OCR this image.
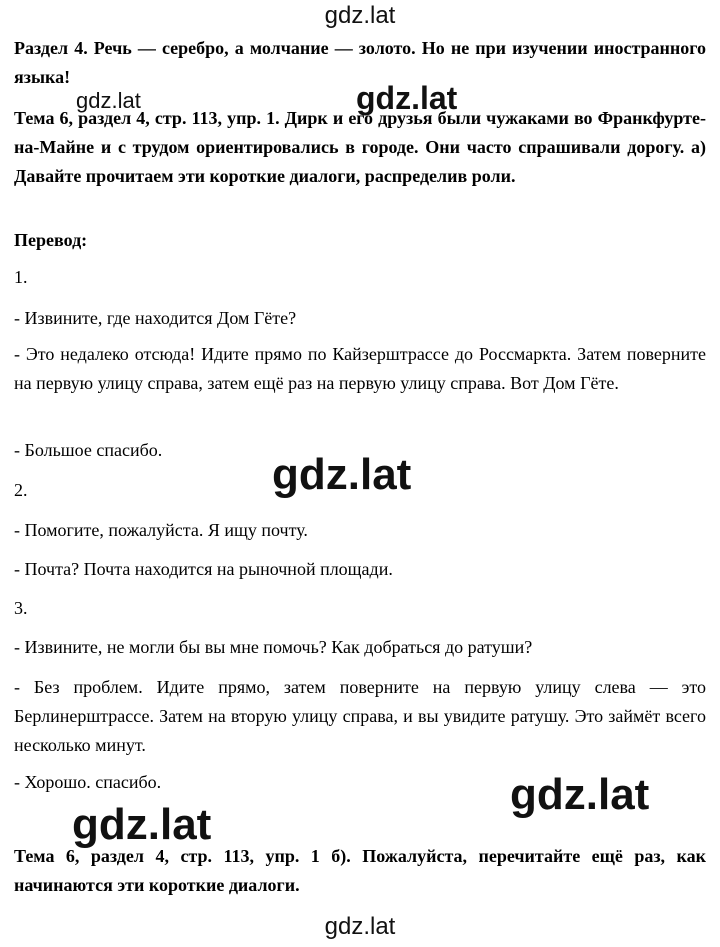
gdz.lat
gdz.lat	gdz.lat
gdz.lat
gdz.lat
gdz.lat
gdz.lat
Раздел 4. Речь — серебро, а молчание — золото. Но не при изучении иностранного языка!
Тема 6, раздел 4, стр. 113, упр. 1. Дирк и его друзья были чужаками во Франкфурте-на-Майне и с трудом ориентировались в городе. Они часто спрашивали дорогу. а) Давайте прочитаем эти короткие диалоги, распределив роли.
Перевод:
1.
- Извините, где находится Дом Гёте?
- Это недалеко отсюда! Идите прямо по Кайзерштрассе до Россмаркта. Затем поверните на первую улицу справа, затем ещё раз на первую улицу справа. Вот Дом Гёте.
- Большое спасибо.
2.
- Помогите, пожалуйста. Я ищу почту.
- Почта? Почта находится на рыночной площади.
3.
- Извините, не могли бы вы мне помочь? Как добраться до ратуши?
- Без проблем. Идите прямо, затем поверните на первую улицу слева — это Берлинерштрассе. Затем на вторую улицу справа, и вы увидите ратушу. Это займёт всего несколько минут.
- Хорошо. спасибо.
Тема 6, раздел 4, стр. 113, упр. 1 б). Пожалуйста, перечитайте ещё раз, как начинаются эти короткие диалоги.
